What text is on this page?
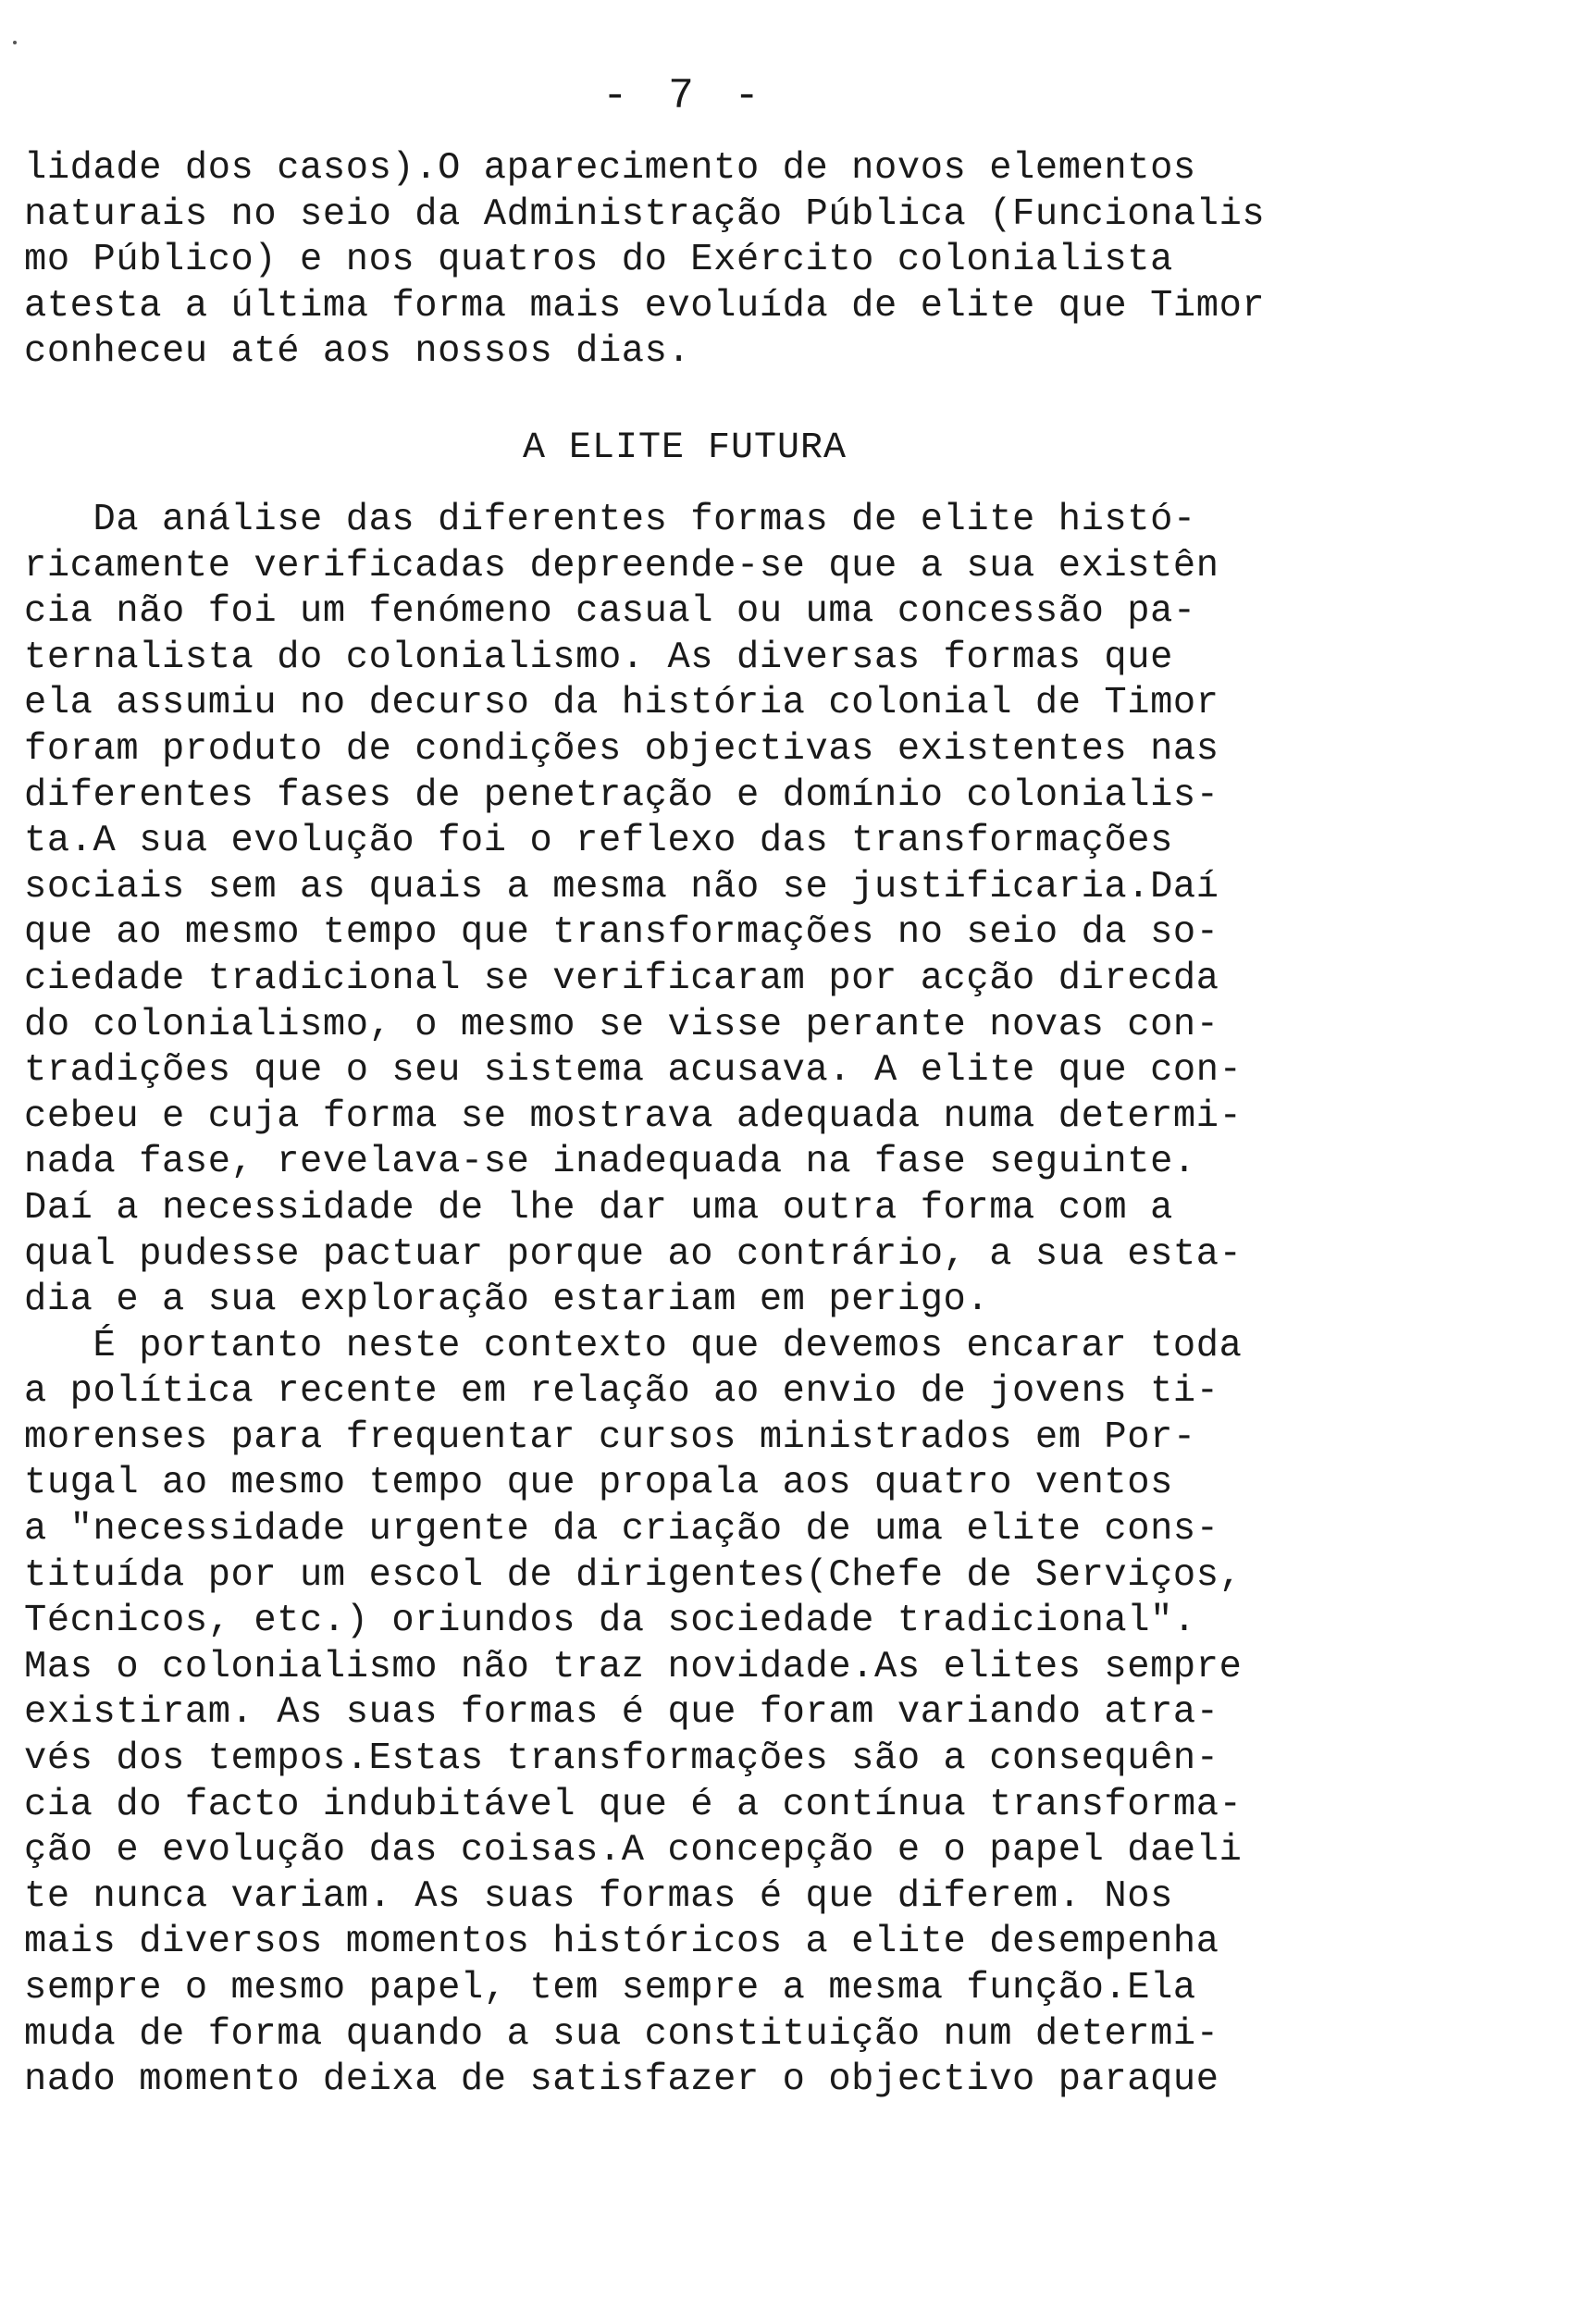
- 7 -
lidade dos casos).O aparecimento de novos elementos
naturais no seio da Administração Pública (Funcionalis
mo Público) e nos quatros do Exército colonialista
atesta a última forma mais evoluída de elite que Timor
conheceu até aos nossos dias.
A ELITE FUTURA
Da análise das diferentes formas de elite histó-
ricamente verificadas depreende-se que a sua existên
cia não foi um fenómeno casual ou uma concessão pa-
ternalista do colonialismo. As diversas formas que
ela assumiu no decurso da história colonial de Timor
foram produto de condições objectivas existentes nas
diferentes fases de penetração e domínio colonialis-
ta.A sua evolução foi o reflexo das transformações
sociais sem as quais a mesma não se justificaria.Daí
que ao mesmo tempo que transformações no seio da so-
ciedade tradicional se verificaram por acção direcda
do colonialismo, o mesmo se visse perante novas con-
tradições que o seu sistema acusava. A elite que con-
cebeu e cuja forma se mostrava adequada numa determi-
nada fase, revelava-se inadequada na fase seguinte.
Daí a necessidade de lhe dar uma outra forma com a
qual pudesse pactuar porque ao contrário, a sua esta-
dia e a sua exploração estariam em perigo.
É portanto neste contexto que devemos encarar toda
a política recente em relação ao envio de jovens ti-
morenses para frequentar cursos ministrados em Por-
tugal ao mesmo tempo que propala aos quatro ventos
a "necessidade urgente da criação de uma elite cons-
tituída por um escol de dirigentes(Chefe de Serviços,
Técnicos, etc.) oriundos da sociedade tradicional".
Mas o colonialismo não traz novidade.As elites sempre
existiram. As suas formas é que foram variando atra-
vés dos tempos.Estas transformações são a consequên-
cia do facto indubitável que é a contínua transforma-
ção e evolução das coisas.A concepção e o papel daeli
te nunca variam. As suas formas é que diferem. Nos
mais diversos momentos históricos a elite desempenha
sempre o mesmo papel, tem sempre a mesma função.Ela
muda de forma quando a sua constituição num determi-
nado momento deixa de satisfazer o objectivo paraque
